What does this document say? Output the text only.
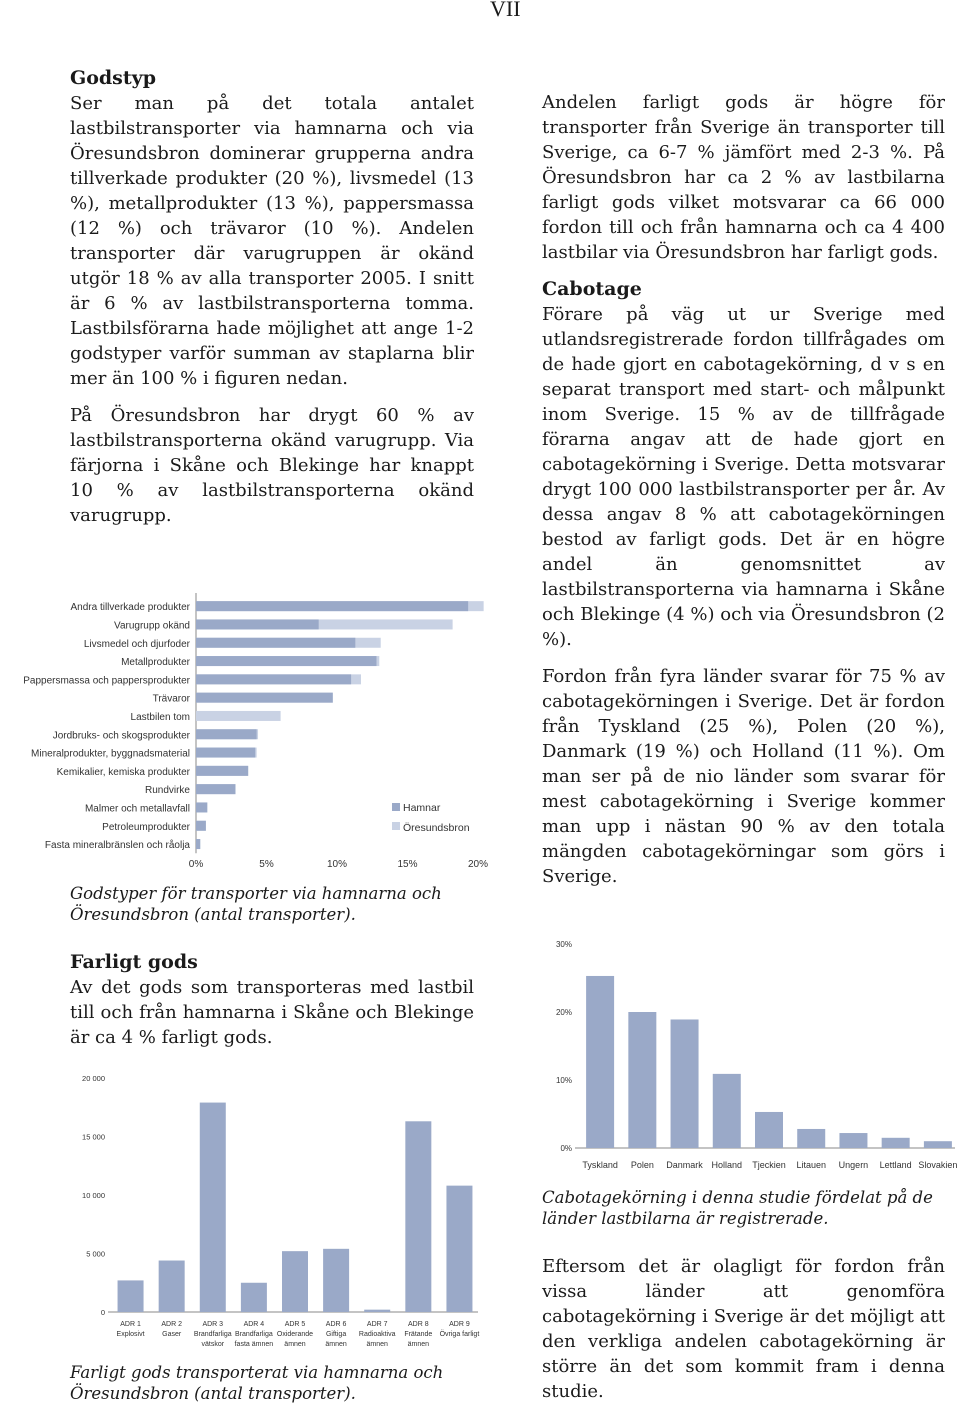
VII
Godstyp

Ser man på det totala antalet lastbilstransporter via hamnarna och via Öresundsbron dominerar grupperna andra tillverkade produkter (20 %), livsmedel (13 %), metallprodukter (13 %), pappersmassa (12 %) och trävaror (10 %). Andelen transporter där varugruppen är okänd utgör 18 % av alla transporter 2005. I snitt är 6 % av lastbilstransporterna tomma. Lastbilsförarna hade möjlighet att ange 1-2 godstyper varför summan av staplarna blir mer än 100 % i figuren nedan.

På Öresundsbron har drygt 60 % av lastbilstransporterna okänd varugrupp. Via färjorna i Skåne och Blekinge har knappt 10 % av lastbilstransporterna okänd varugrupp.

Andra tillverkade produkter
Varugrupp okänd
Livsmedel och djurfoder
Metallprodukter
Pappersmassa och pappersprodukter
Trävaror
Lastbilen tom
Jordbruks- och skogsprodukter
Mineralprodukter, byggnadsmaterial
Kemikalier, kemiska produkter
Rundvirke
Malmer och metallavfall
Petroleumprodukter
Fasta mineralbränslen och råolja
0%	5%	10%	15%	20%
Hamnar
Öresundsbron
Godstyper för transporter via hamnarna och Öresundsbron (antal transporter).
Farligt gods

Av det gods som transporteras med lastbil till och från hamnarna i Skåne och Blekinge är ca 4 % farligt gods.

0
5 000
10 000
15 000
20 000
ADR 1
Explosivt
ADR 2
Gaser
ADR 3
Brandfarliga
vätskor
ADR 4
Brandfarliga
fasta ämnen
ADR 5
Oxiderande
ämnen
ADR 6
Giftiga
ämnen
ADR 7
Radioaktiva
ämnen
ADR 8
Frätande
ämnen
ADR 9
Övriga farligt
Farligt gods transporterat via hamnarna och Öresundsbron (antal transporter).

Andelen farligt gods är högre för transporter från Sverige än transporter till Sverige, ca 6-7 % jämfört med 2-3 %. På Öresundsbron har ca 2 % av lastbilarna farligt gods vilket motsvarar ca 66 000 fordon till och från hamnarna och ca 4 400 lastbilar via Öresundsbron har farligt gods.

Cabotage

Förare på väg ut ur Sverige med utlandsregistrerade fordon tillfrågades om de hade gjort en cabotagekörning, d v s en separat transport med start- och målpunkt inom Sverige. 15 % av de tillfrågade förarna angav att de hade gjort en cabotagekörning i Sverige. Detta motsvarar drygt 100 000 lastbilstransporter per år. Av dessa angav 8 % att cabotagekörningen bestod av farligt gods. Det är en högre andel än genomsnittet av lastbilstransporterna via hamnarna i Skåne och Blekinge (4 %) och via Öresundsbron (2 %).

Fordon från fyra länder svarar för 75 % av cabotagekörningen i Sverige. Det är fordon från Tyskland (25 %), Polen (20 %), Danmark (19 %) och Holland (11 %). Om man ser på de nio länder som svarar för mest cabotagekörning i Sverige kommer man upp i nästan 90 % av den totala mängden cabotagekörningar som görs i Sverige.

0%
10%
20%
30%
Tyskland Polen Danmark Holland Tjeckien Litauen Ungern Lettland Slovakien
Cabotagekörning i denna studie fördelat på de länder lastbilarna är registrerade.

Eftersom det är olagligt för fordon från vissa länder att genomföra cabotagekörning i Sverige är det möjligt att den verkliga andelen cabotagekörning är större än det som kommit fram i denna studie.
